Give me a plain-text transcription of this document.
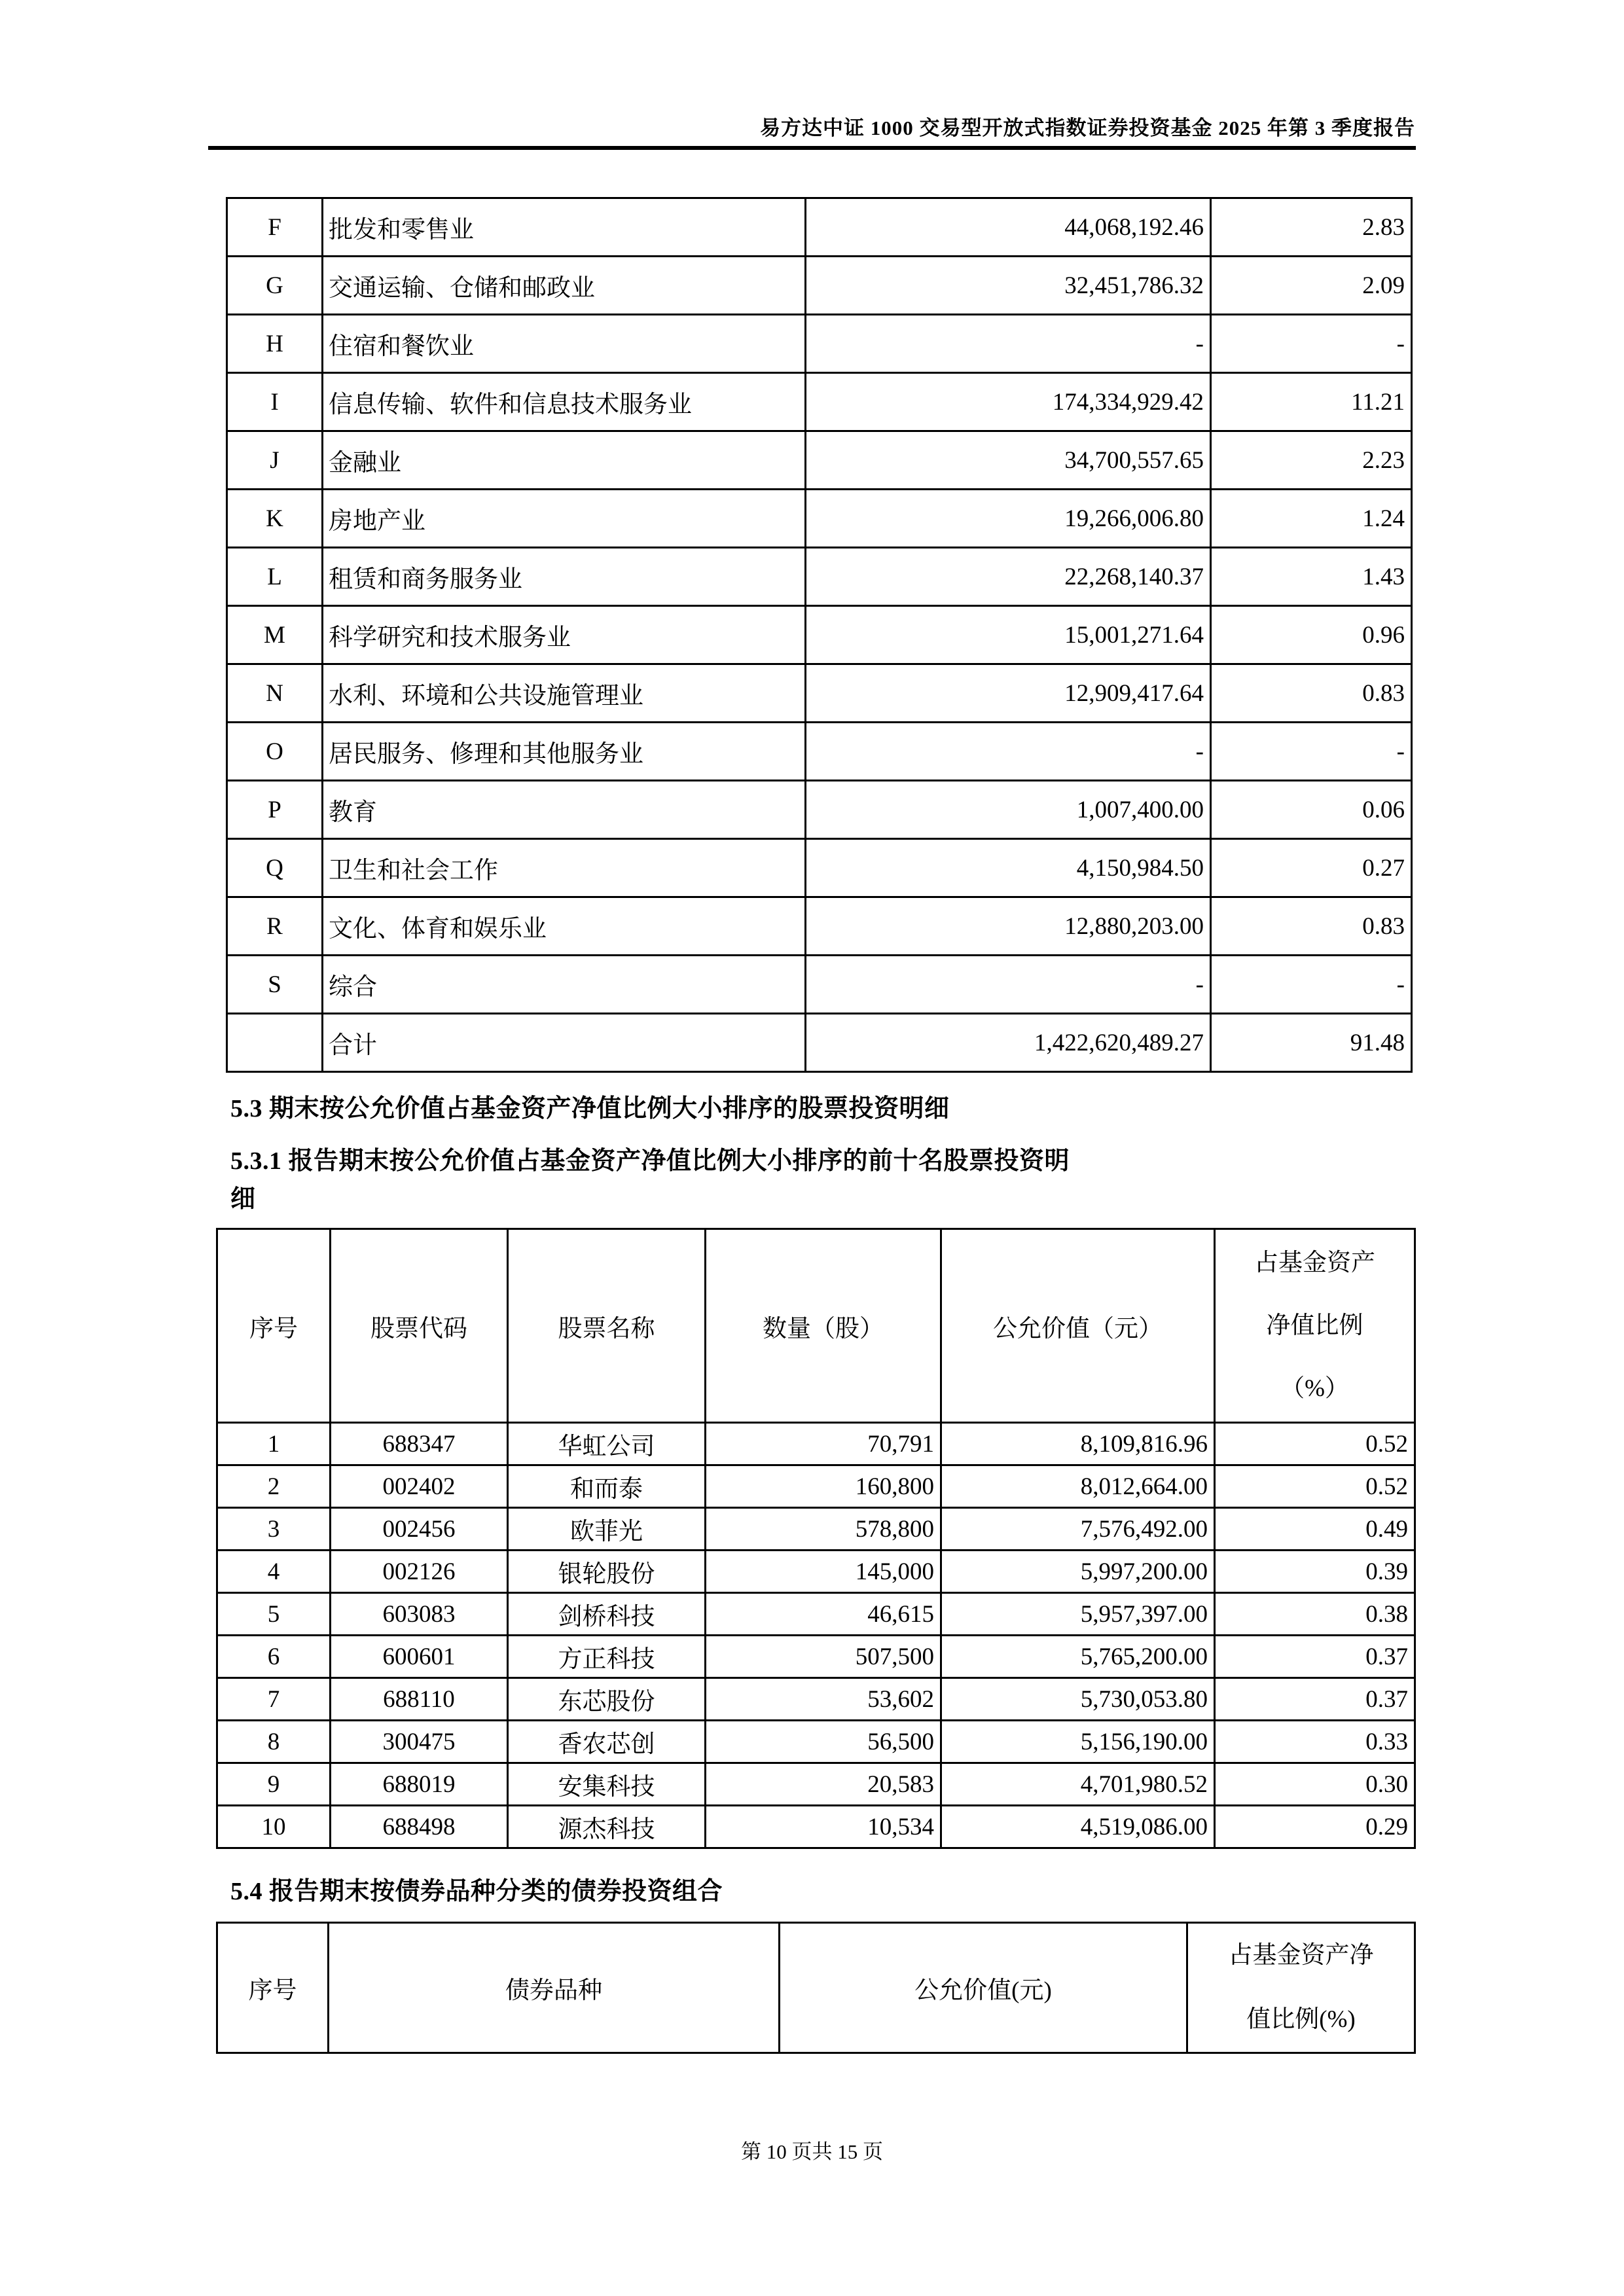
易方达中证 1000 交易型开放式指数证券投资基金 2025 年第 3 季度报告
F	批发和零售业	44,068,192.46	2.83
G	交通运输、仓储和邮政业	32,451,786.32	2.09
H	住宿和餐饮业	-	-
I	信息传输、软件和信息技术服务业	174,334,929.42	11.21
J	金融业	34,700,557.65	2.23
K	房地产业	19,266,006.80	1.24
L	租赁和商务服务业	22,268,140.37	1.43
M	科学研究和技术服务业	15,001,271.64	0.96
N	水利、环境和公共设施管理业	12,909,417.64	0.83
O	居民服务、修理和其他服务业	-	-
P	教育	1,007,400.00	0.06
Q	卫生和社会工作	4,150,984.50	0.27
R	文化、体育和娱乐业	12,880,203.00	0.83
S	综合	-	-
	合计	1,422,620,489.27	91.48
5.3 期末按公允价值占基金资产净值比例大小排序的股票投资明细
5.3.1 报告期末按公允价值占基金资产净值比例大小排序的前十名股票投资明
细
序号	股票代码	股票名称	数量（股）	公允价值（元）	占基金资产
净值比例
（%）

1	688347	华虹公司	70,791	8,109,816.96	0.52
2	002402	和而泰	160,800	8,012,664.00	0.52
3	002456	欧菲光	578,800	7,576,492.00	0.49
4	002126	银轮股份	145,000	5,997,200.00	0.39
5	603083	剑桥科技	46,615	5,957,397.00	0.38
6	600601	方正科技	507,500	5,765,200.00	0.37
7	688110	东芯股份	53,602	5,730,053.80	0.37
8	300475	香农芯创	56,500	5,156,190.00	0.33
9	688019	安集科技	20,583	4,701,980.52	0.30
10	688498	源杰科技	10,534	4,519,086.00	0.29
5.4 报告期末按债券品种分类的债券投资组合
序号	债券品种	公允价值(元)	
占基金资产净
值比例(%)
第 10 页共 15 页
